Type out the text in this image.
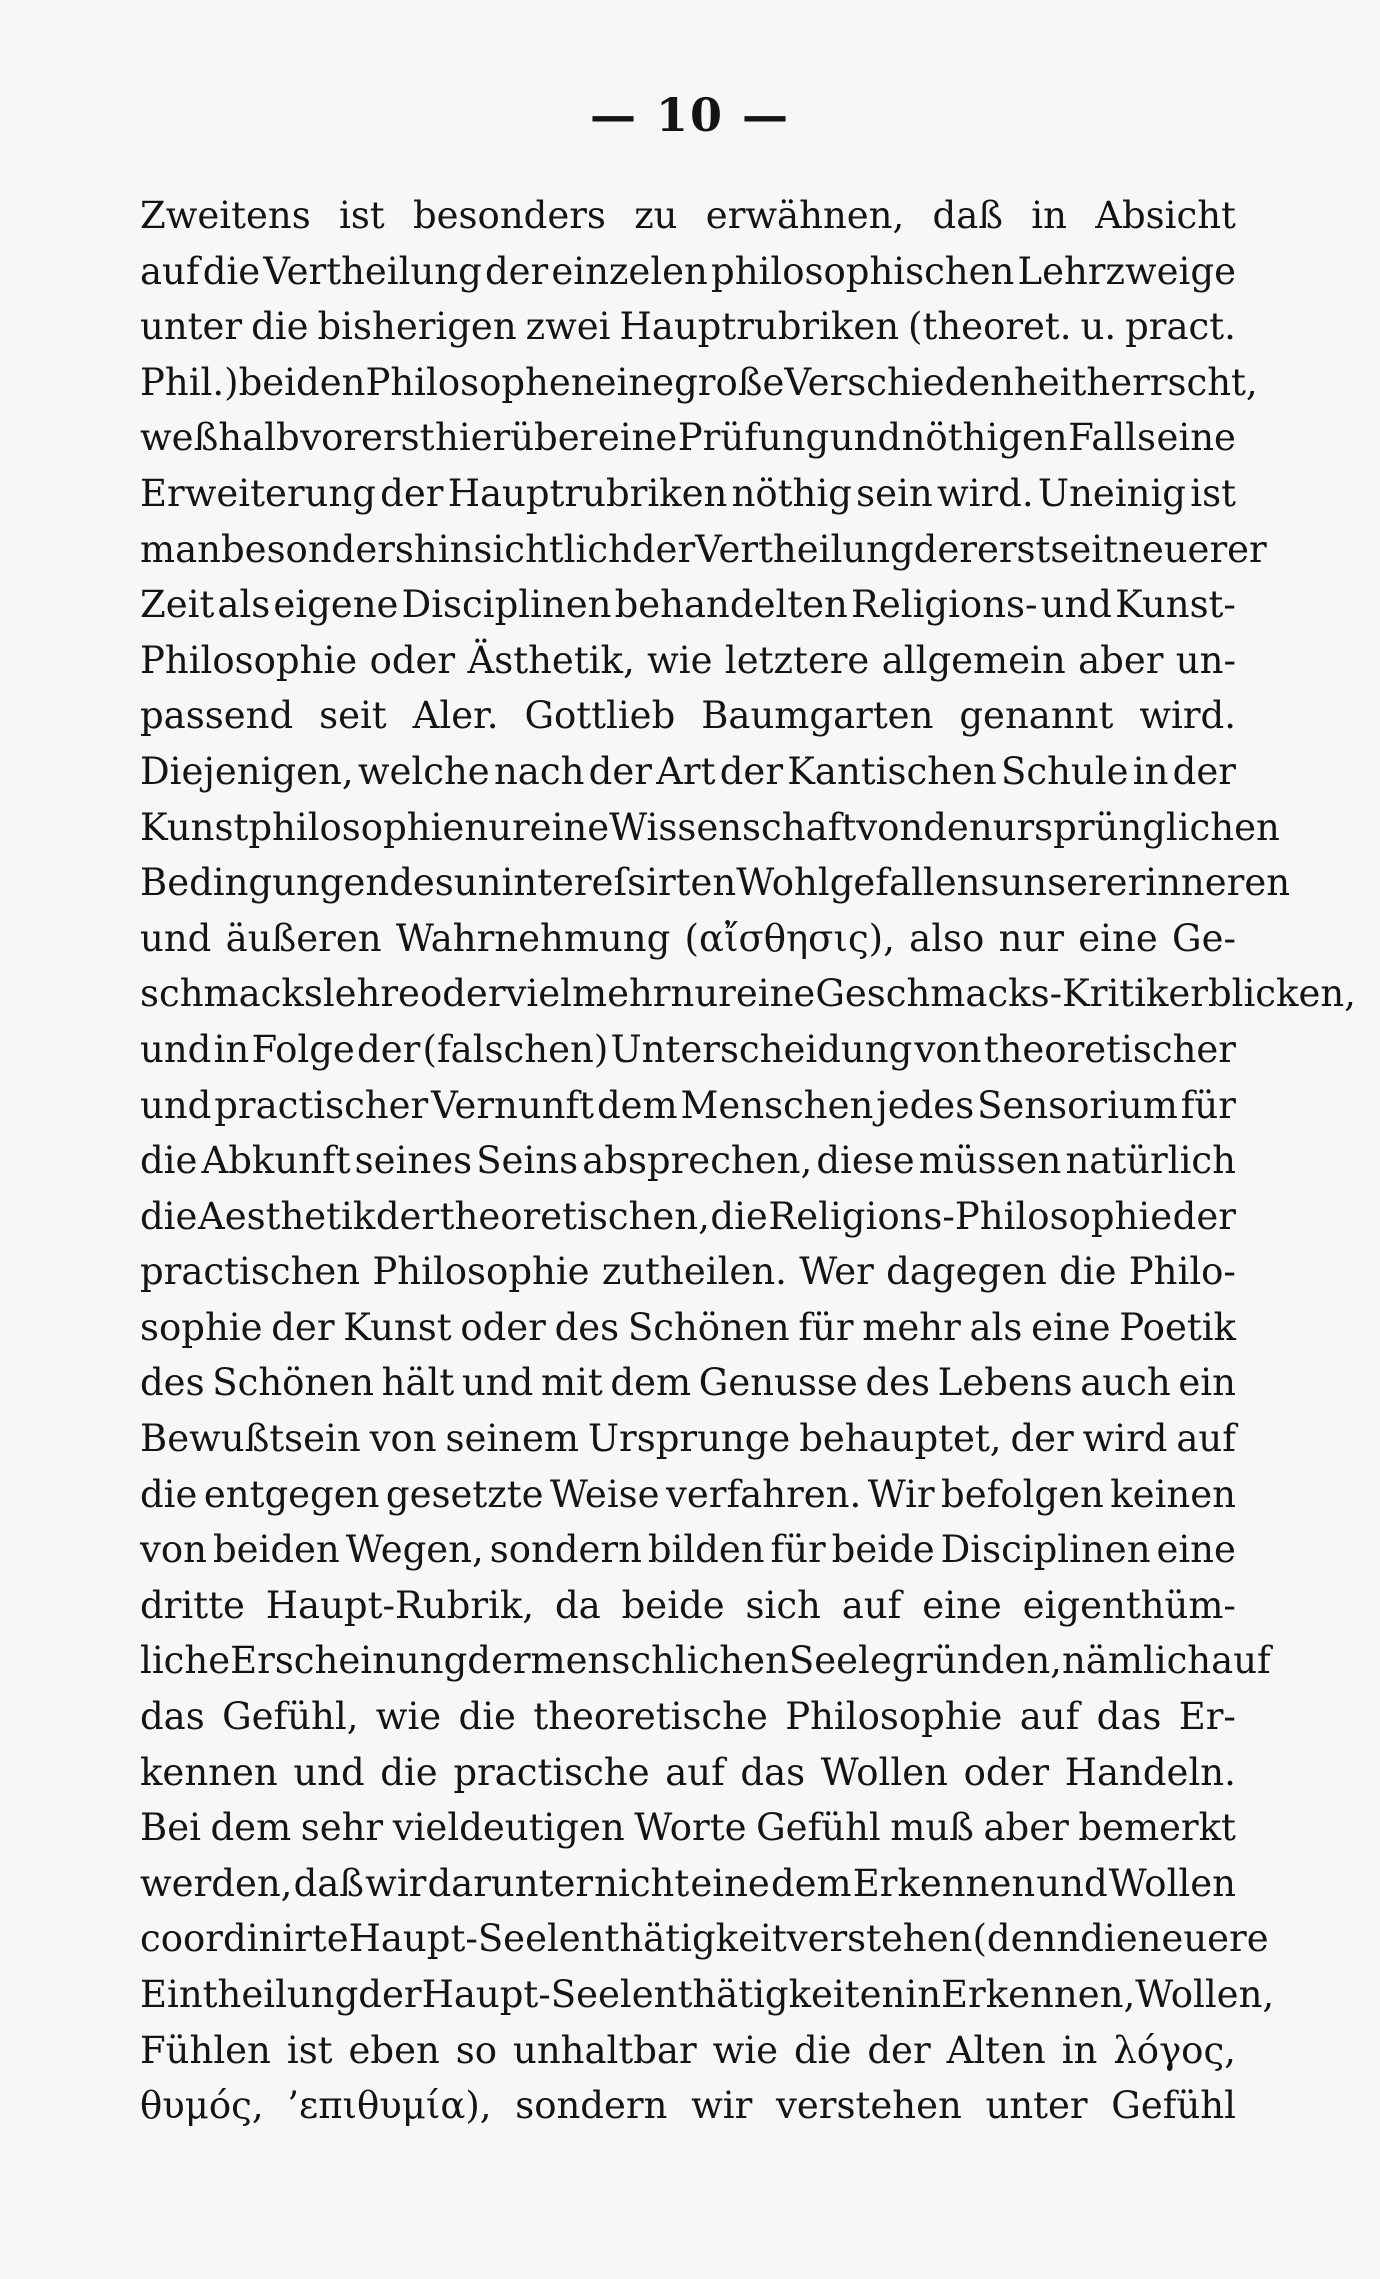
— 10 —
Zweitens ist besonders zu erwähnen, daß in Absicht
auf die Vertheilung der einzelen philosophischen Lehrzweige
unter die bisherigen zwei Hauptrubriken (theoret. u. pract.
Phil.) bei den Philosophen eine große Verschiedenheit herrscht,
weßhalb vorerst hierüber eine Prüfung und nöthigen Falls eine
Erweiterung der Hauptrubriken nöthig sein wird. Uneinig ist
man besonders hinsichtlich der Vertheilung der erst seit neuerer
Zeit als eigene Disciplinen behandelten Religions- und Kunst-
Philosophie oder Ästhetik, wie letztere allgemein aber un-
passend seit Aler. Gottlieb Baumgarten genannt wird.
Diejenigen, welche nach der Art der Kantischen Schule in der
Kunstphilosophie nur eine Wissenschaft von den ursprünglichen
Bedingungen des unintereſsirten Wohlgefallens unserer inneren
und äußeren Wahrnehmung (αἴσθησις), also nur eine Ge-
schmackslehre oder vielmehr nur eine Geschmacks-Kritik erblicken,
und in Folge der (falschen) Unterscheidung von theoretischer
und practischer Vernunft dem Menschen jedes Sensorium für
die Abkunft seines Seins absprechen, diese müssen natürlich
die Aesthetik der theoretischen, die Religions-Philosophie der
practischen Philosophie zutheilen. Wer dagegen die Philo-
sophie der Kunst oder des Schönen für mehr als eine Poetik
des Schönen hält und mit dem Genusse des Lebens auch ein
Bewußtsein von seinem Ursprunge behauptet, der wird auf
die entgegen gesetzte Weise verfahren. Wir befolgen keinen
von beiden Wegen, sondern bilden für beide Disciplinen eine
dritte Haupt-Rubrik, da beide sich auf eine eigenthüm-
liche Erscheinung der menschlichen Seele gründen, nämlich auf
das Gefühl, wie die theoretische Philosophie auf das Er-
kennen und die practische auf das Wollen oder Handeln.
Bei dem sehr vieldeutigen Worte Gefühl muß aber bemerkt
werden, daß wir darunter nicht eine dem Erkennen und Wollen
coordinirte Haupt-Seelenthätigkeit verstehen (denn die neuere
Eintheilung der Haupt-Seelenthätigkeiten in Erkennen, Wollen,
Fühlen ist eben so unhaltbar wie die der Alten in λόγος,
θυμός, ’επιθυμία), sondern wir verstehen unter Gefühl
